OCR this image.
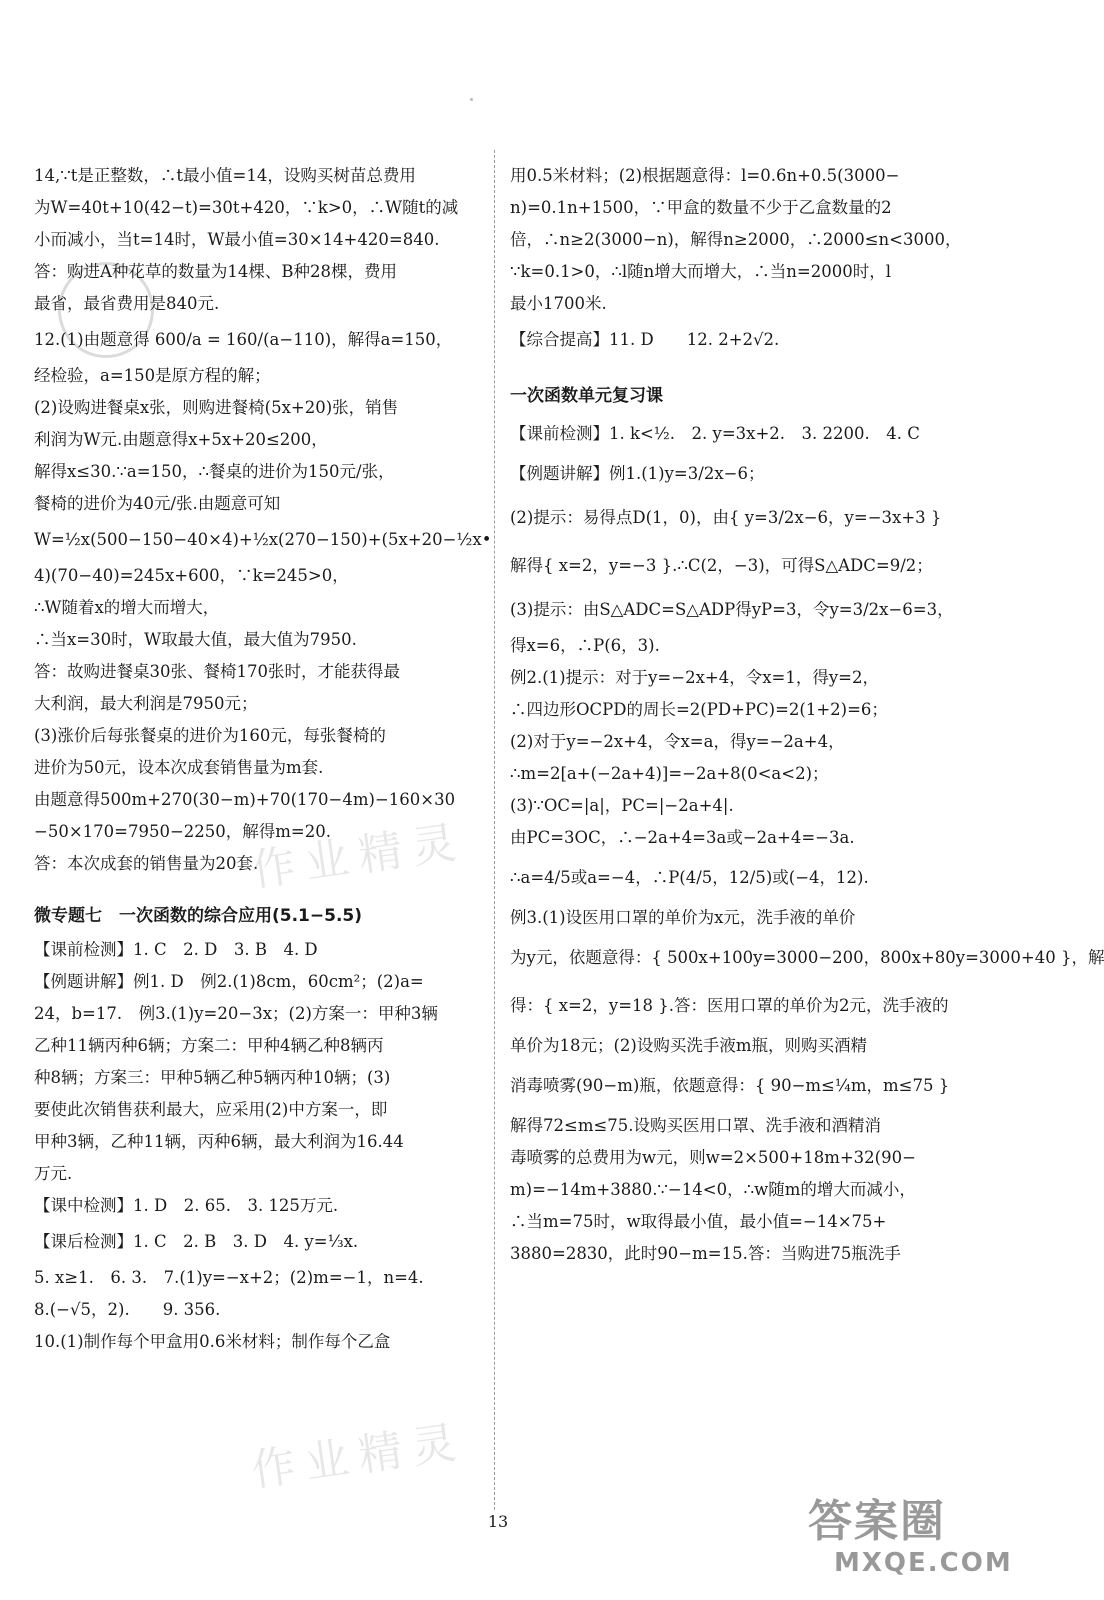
14,∵t是正整数，∴t最小值=14，设购买树苗总费用
为W=40t+10(42−t)=30t+420，∵k>0，∴W随t的减
小而减小，当t=14时，W最小值=30×14+420=840.
答：购进A种花草的数量为14棵、B种28棵，费用
最省，最省费用是840元.
12.(1)由题意得 600/a = 160/(a−110)，解得a=150，
经检验，a=150是原方程的解；
(2)设购进餐桌x张，则购进餐椅(5x+20)张，销售
利润为W元.由题意得x+5x+20≤200，
解得x≤30.∵a=150，∴餐桌的进价为150元/张，
餐椅的进价为40元/张.由题意可知
W=½x(500−150−40×4)+½x(270−150)+(5x+20−½x•
4)(70−40)=245x+600，∵k=245>0，
∴W随着x的增大而增大，
∴当x=30时，W取最大值，最大值为7950.
答：故购进餐桌30张、餐椅170张时，才能获得最
大利润，最大利润是7950元；
(3)涨价后每张餐桌的进价为160元，每张餐椅的
进价为50元，设本次成套销售量为m套.
由题意得500m+270(30−m)+70(170−4m)−160×30
−50×170=7950−2250，解得m=20.
答：本次成套的销售量为20套.
微专题七　一次函数的综合应用(5.1−5.5)
【课前检测】1. C　2. D　3. B　4. D
【例题讲解】例1. D　例2.(1)8cm，60cm²；(2)a=
24，b=17.　例3.(1)y=20−3x；(2)方案一：甲种3辆
乙种11辆丙种6辆；方案二：甲种4辆乙种8辆丙
种8辆；方案三：甲种5辆乙种5辆丙种10辆；(3)
要使此次销售获利最大，应采用(2)中方案一，即
甲种3辆，乙种11辆，丙种6辆，最大利润为16.44
万元.
【课中检测】1. D　2. 65.　3. 125万元.
【课后检测】1. C　2. B　3. D　4. y=⅓x.
5. x≥1.　6. 3.　7.(1)y=−x+2；(2)m=−1，n=4.
8.(−√5，2).　　9. 356.
10.(1)制作每个甲盒用0.6米材料；制作每个乙盒
用0.5米材料；(2)根据题意得：l=0.6n+0.5(3000−
n)=0.1n+1500，∵甲盒的数量不少于乙盒数量的2
倍，∴n≥2(3000−n)，解得n≥2000，∴2000≤n<3000，
∵k=0.1>0，∴l随n增大而增大，∴当n=2000时，l
最小1700米.
【综合提高】11. D　　12. 2+2√2.
一次函数单元复习课
【课前检测】1. k<½.　2. y=3x+2.　3. 2200.　4. C
【例题讲解】例1.(1)y=3/2x−6；
(2)提示：易得点D(1，0)，由{ y=3/2x−6，y=−3x+3 }
解得{ x=2，y=−3 }.∴C(2，−3)，可得S△ADC=9/2；
(3)提示：由S△ADC=S△ADP得yP=3，令y=3/2x−6=3，
得x=6，∴P(6，3).
例2.(1)提示：对于y=−2x+4，令x=1，得y=2，
∴四边形OCPD的周长=2(PD+PC)=2(1+2)=6；
(2)对于y=−2x+4，令x=a，得y=−2a+4，
∴m=2[a+(−2a+4)]=−2a+8(0<a<2)；
(3)∵OC=|a|，PC=|−2a+4|.
由PC=3OC，∴−2a+4=3a或−2a+4=−3a.
∴a=4/5或a=−4，∴P(4/5，12/5)或(−4，12).
例3.(1)设医用口罩的单价为x元，洗手液的单价
为y元，依题意得：{ 500x+100y=3000−200，800x+80y=3000+40 }，解
得：{ x=2，y=18 }.答：医用口罩的单价为2元，洗手液的
单价为18元；(2)设购买洗手液m瓶，则购买酒精
消毒喷雾(90−m)瓶，依题意得：{ 90−m≤¼m，m≤75 }
解得72≤m≤75.设购买医用口罩、洗手液和酒精消
毒喷雾的总费用为w元，则w=2×500+18m+32(90−
m)=−14m+3880.∵−14<0，∴w随m的增大而减小，
∴当m=75时，w取得最小值，最小值=−14×75+
3880=2830，此时90−m=15.答：当购进75瓶洗手
作业精灵
作业精灵
13	答案圈
MXQE.COM
